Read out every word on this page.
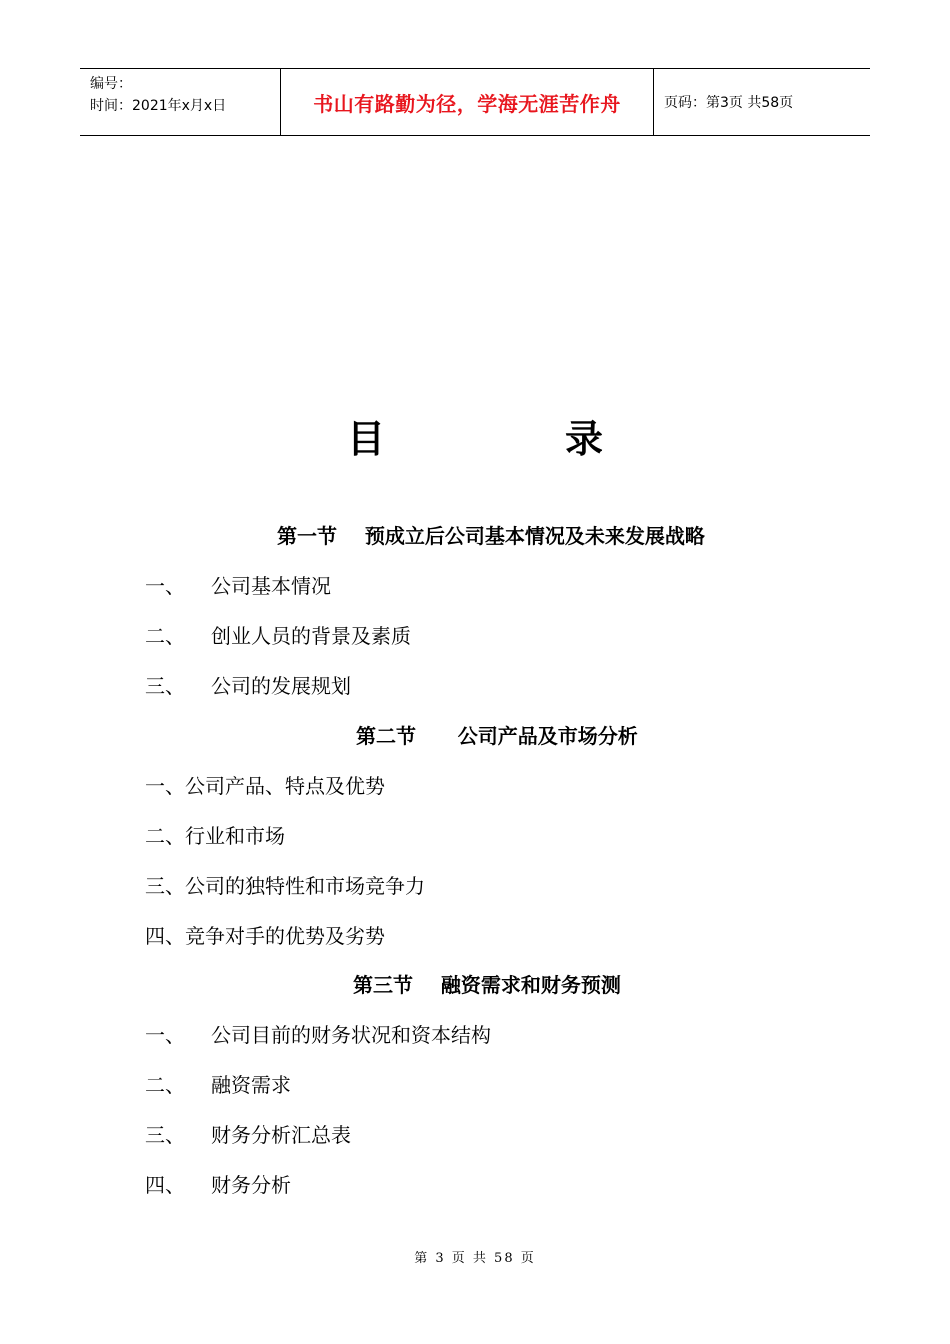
编号：
时间：2021年x月x日	书山有路勤为径，学海无涯苦作舟	页码：第3页 共58页
目	录
第一节 预成立后公司基本情况及未来发展战略
一、 公司基本情况
二、 创业人员的背景及素质
三、 公司的发展规划
第二节 公司产品及市场分析
一、公司产品、特点及优势
二、行业和市场
三、公司的独特性和市场竞争力
四、竞争对手的优势及劣势
第三节 融资需求和财务预测
一、 公司目前的财务状况和资本结构
二、 融资需求
三、 财务分析汇总表
四、 财务分析
第 3 页 共 58 页
